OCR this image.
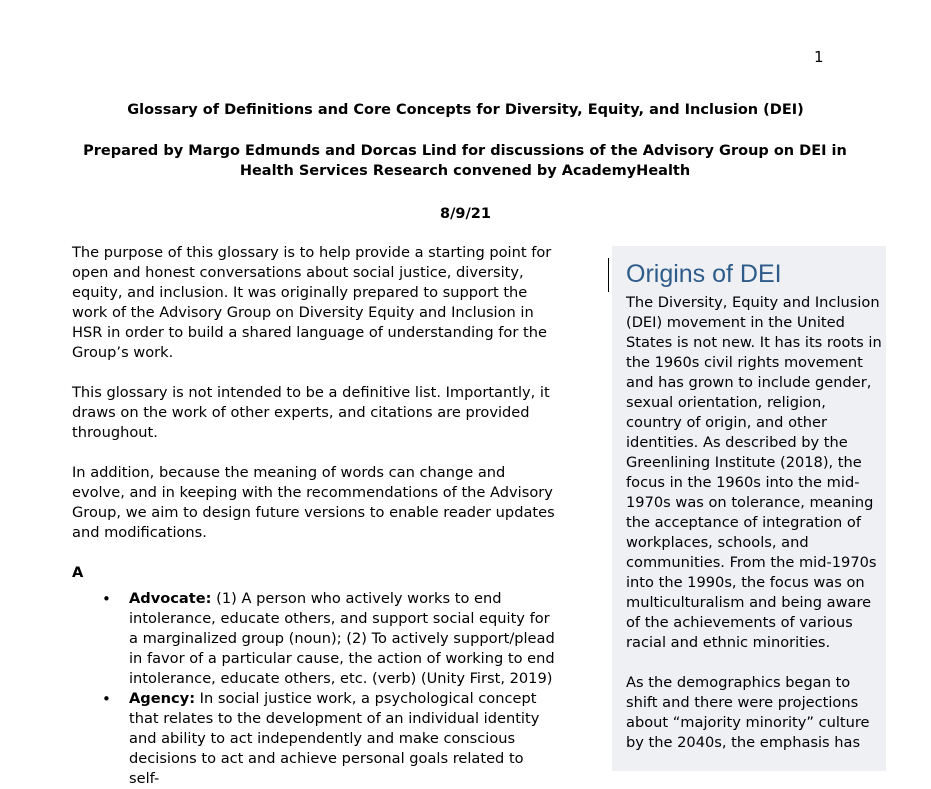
1
Glossary of Definitions and Core Concepts for Diversity, Equity, and Inclusion (DEI)
Prepared by Margo Edmunds and Dorcas Lind for discussions of the Advisory Group on DEI in Health Services Research convened by AcademyHealth
8/9/21

The purpose of this glossary is to help provide a starting point for open and honest conversations about social justice, diversity, equity, and inclusion. It was originally prepared to support the work of the Advisory Group on Diversity Equity and Inclusion in HSR in order to build a shared language of understanding for the Group’s work.

This glossary is not intended to be a definitive list. Importantly, it draws on the work of other experts, and citations are provided throughout.

In addition, because the meaning of words can change and evolve, and in keeping with the recommendations of the Advisory Group, we aim to design future versions to enable reader updates and modifications.

A
• Advocate: (1) A person who actively works to end intolerance, educate others, and support social equity for a marginalized group (noun); (2) To actively support/plead in favor of a particular cause, the action of working to end intolerance, educate others, etc. (verb) (Unity First, 2019)
• Agency: In social justice work, a psychological concept that relates to the development of an individual identity and ability to act independently and make conscious decisions to act and achieve personal goals related to self-
Origins of DEI

The Diversity, Equity and Inclusion (DEI) movement in the United States is not new. It has its roots in the 1960s civil rights movement and has grown to include gender, sexual orientation, religion, country of origin, and other identities. As described by the Greenlining Institute (2018), the focus in the 1960s into the mid-1970s was on tolerance, meaning the acceptance of integration of workplaces, schools, and communities. From the mid-1970s into the 1990s, the focus was on multiculturalism and being aware of the achievements of various racial and ethnic minorities.

As the demographics began to shift and there were projections about “majority minority” culture by the 2040s, the emphasis has
